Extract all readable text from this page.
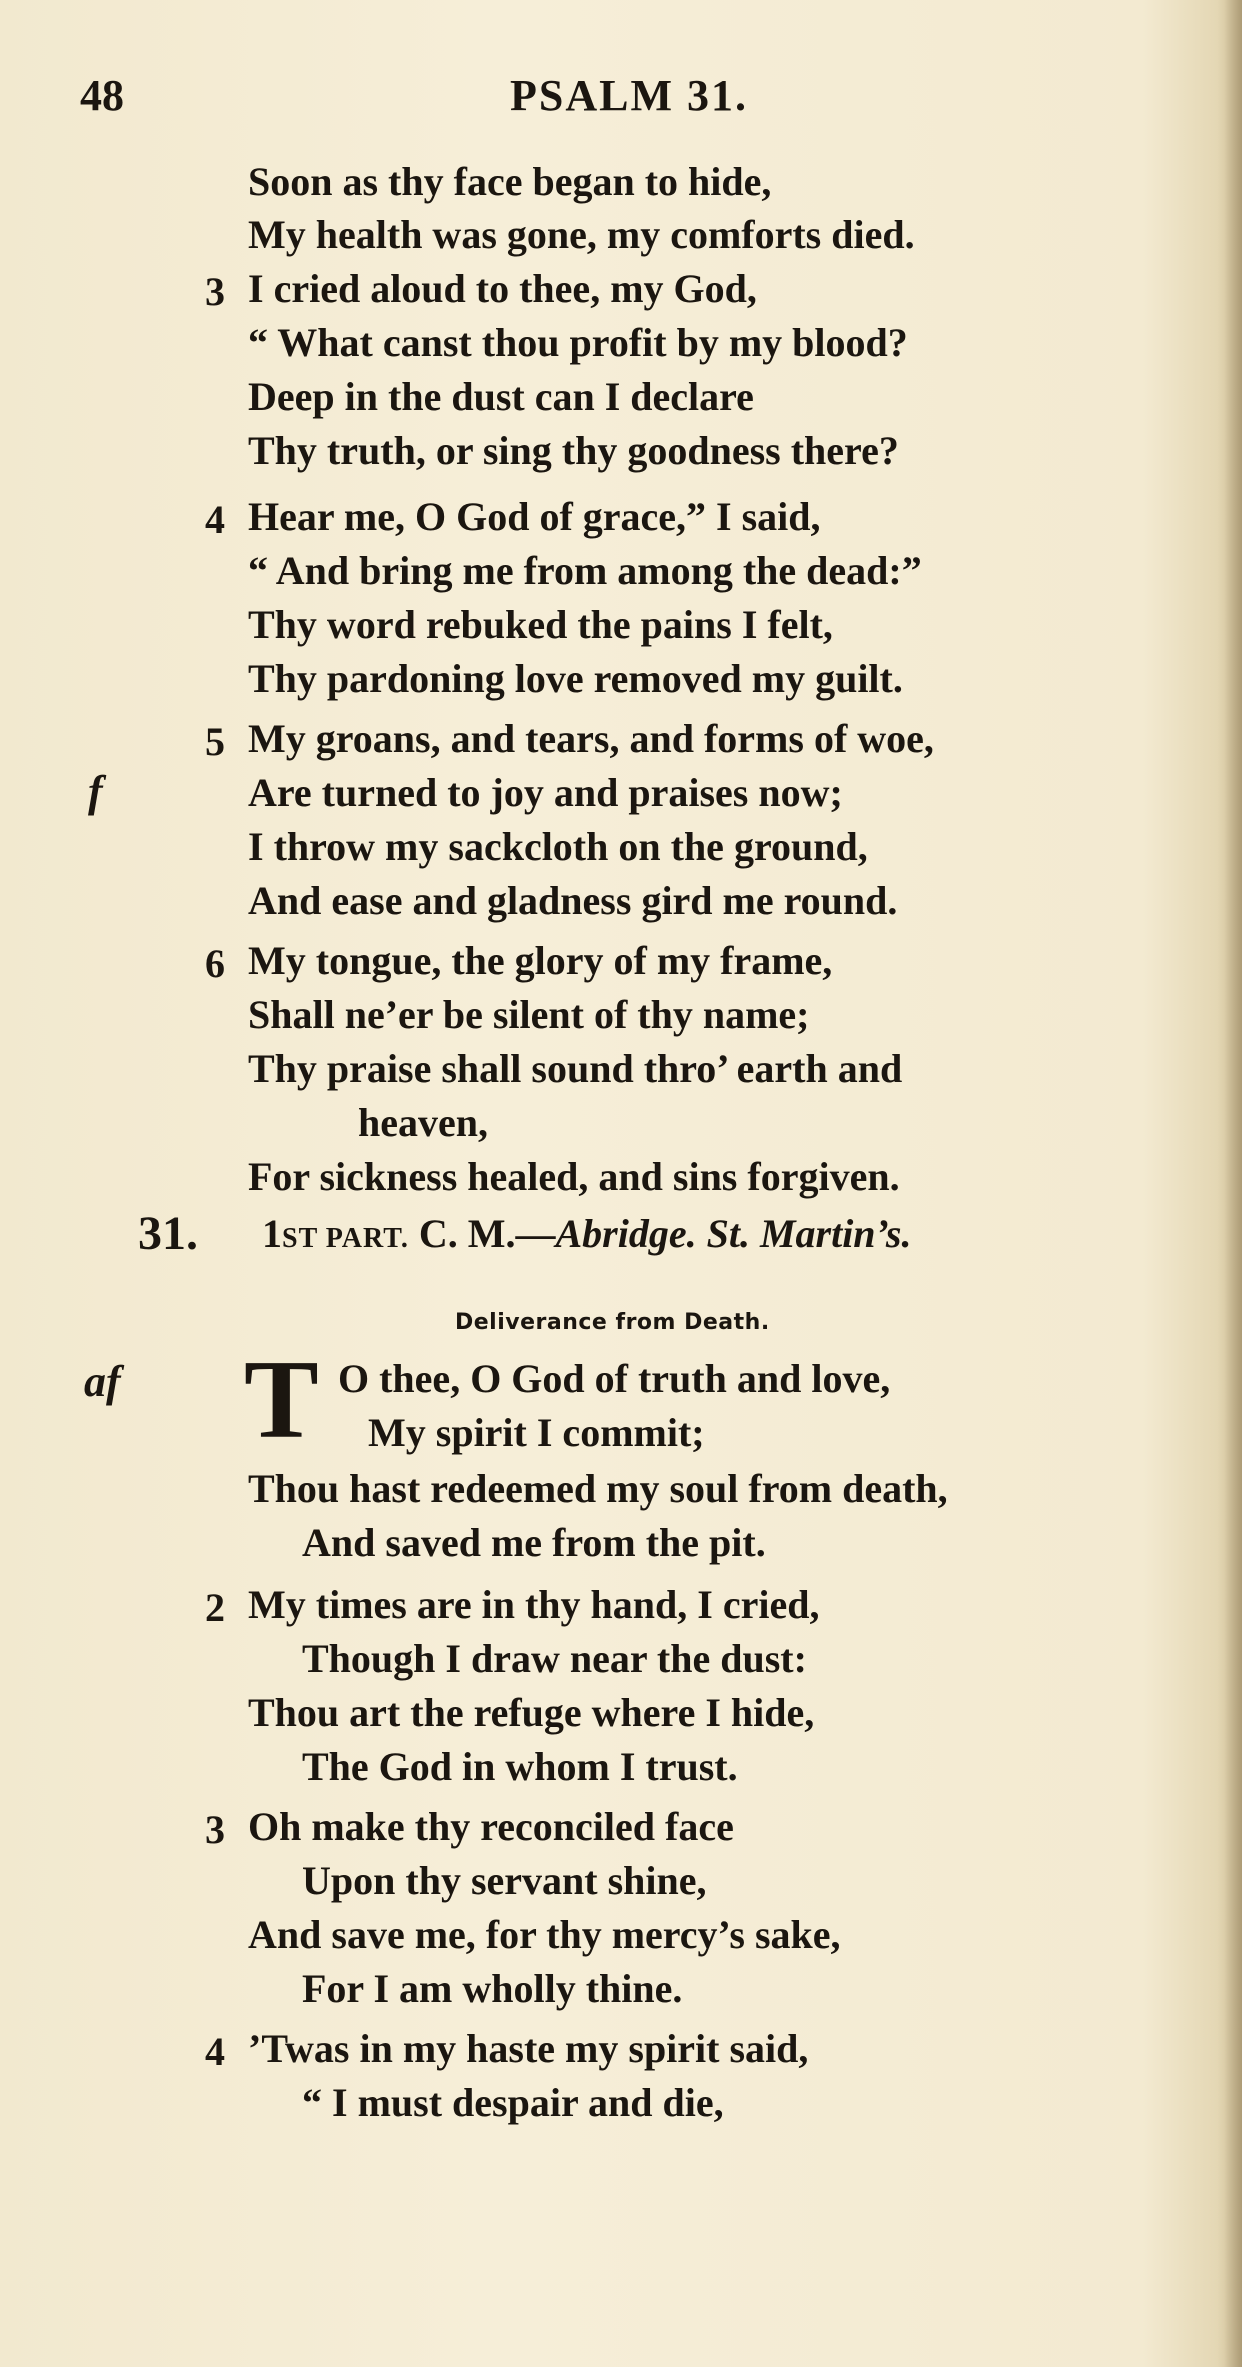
48	PSALM 31.
Soon as thy face began to hide,
My health was gone, my comforts died.
3 I cried aloud to thee, my God,
“ What canst thou profit by my blood?
Deep in the dust can I declare
Thy truth, or sing thy goodness there?
4 Hear me, O God of grace,” I said,
“ And bring me from among the dead:”
Thy word rebuked the pains I felt,
Thy pardoning love removed my guilt.
5 My groans, and tears, and forms of woe,
f	Are turned to joy and praises now;
I throw my sackcloth on the ground,
And ease and gladness gird me round.
6 My tongue, the glory of my frame,
Shall ne’er be silent of thy name;
Thy praise shall sound thro’ earth and
heaven,
For sickness healed, and sins forgiven.
31. 1ST PART. C. M.—Abridge. St. Martin’s.
Deliverance from Death.
af T O thee, O God of truth and love,
My spirit I commit;
Thou hast redeemed my soul from death,
And saved me from the pit.
2 My times are in thy hand, I cried,
Though I draw near the dust:
Thou art the refuge where I hide,
The God in whom I trust.
3 Oh make thy reconciled face
Upon thy servant shine,
And save me, for thy mercy’s sake,
For I am wholly thine.
4 ’Twas in my haste my spirit said,
“ I must despair and die,
